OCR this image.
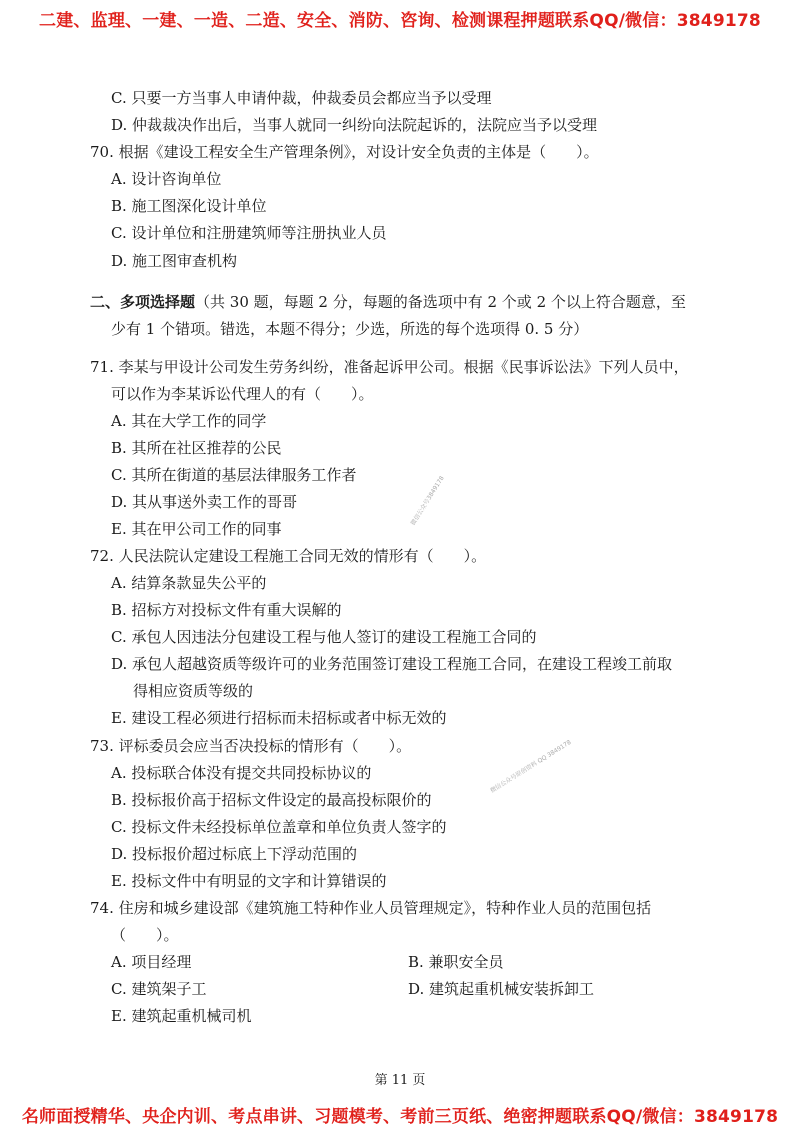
二建、监理、一建、一造、二造、安全、消防、咨询、检测课程押题联系QQ/微信：3849178
C. 只要一方当事人申请仲裁，仲裁委员会都应当予以受理
D. 仲裁裁决作出后，当事人就同一纠纷向法院起诉的，法院应当予以受理
70. 根据《建设工程安全生产管理条例》，对设计安全负责的主体是（　　）。
A. 设计咨询单位
B. 施工图深化设计单位
C. 设计单位和注册建筑师等注册执业人员
D. 施工图审查机构
二、多项选择题（共 30 题，每题 2 分，每题的备选项中有 2 个或 2 个以上符合题意，至
少有 1 个错项。错选，本题不得分；少选，所选的每个选项得 0. 5 分）
71. 李某与甲设计公司发生劳务纠纷，准备起诉甲公司。根据《民事诉讼法》下列人员中，
可以作为李某诉讼代理人的有（　　）。
A. 其在大学工作的同学
B. 其所在社区推荐的公民
C. 其所在街道的基层法律服务工作者
D. 其从事送外卖工作的哥哥
E. 其在甲公司工作的同事
72. 人民法院认定建设工程施工合同无效的情形有（　　）。
A. 结算条款显失公平的
B. 招标方对投标文件有重大误解的
C. 承包人因违法分包建设工程与他人签订的建设工程施工合同的
D. 承包人超越资质等级许可的业务范围签订建设工程施工合同，在建设工程竣工前取
得相应资质等级的
E. 建设工程必须进行招标而未招标或者中标无效的
73. 评标委员会应当否决投标的情形有（　　）。
A. 投标联合体没有提交共同投标协议的
B. 投标报价高于招标文件设定的最高投标限价的
C. 投标文件未经投标单位盖章和单位负责人签字的
D. 投标报价超过标底上下浮动范围的
E. 投标文件中有明显的文字和计算错误的
74. 住房和城乡建设部《建筑施工特种作业人员管理规定》，特种作业人员的范围包括
（　　）。
A. 项目经理	B. 兼职安全员
C. 建筑架子工	D. 建筑起重机械安装拆卸工
E. 建筑起重机械司机
微信公众号3849178
微信公众号原创资料 QQ 3849178
第 11 页
名师面授精华、央企内训、考点串讲、习题模考、考前三页纸、绝密押题联系QQ/微信：3849178
